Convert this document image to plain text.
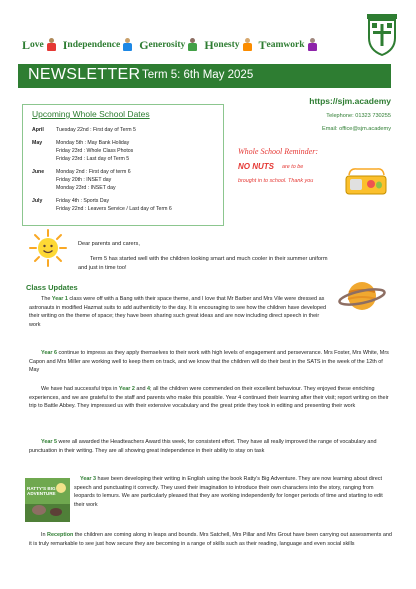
L ove I ndependence G enerosity H onesty T eamwork
NEWSLETTER Term 5: 6th May 2025
Upcoming Whole School Dates
April	Tuesday 22nd : First day of Term 5
May	Monday 5th : May Bank Holiday
Friday 23rd : Whole Class Photos
Friday 23rd : Last day of Term 5
June	Monday 2nd : First day of term 6
Friday 20th : INSET day
Monday 23rd : INSET day
July	Friday 4th : Sports Day
Friday 22nd : Leavers Service / Last day of Term 6
https://sjm.academy
Telephone: 01323 730255
Email: office@sjm.academy
Whole School Reminder:
NO NUTS are to be
brought in to school. Thank you
RATTY'S BIG ADVENTURE
Dear parents and carers,
Term 5 has started well with the children looking smart and much cooler in their summer uniform and just in time too!
Class Updates
The Year 1 class were off with a Bang with their space theme, and I love that Mr Barber and Mrs Vile were dressed as astronauts in modified Hazmat suits to add authenticity to the day. It is encouraging to see how the children have developed their writing on the theme of space; they have been sharing such great ideas and are now including direct speech in their work
Year 6 continue to impress as they apply themselves to their work with high levels of engagement and perseverance. Mrs Foster, Mrs White, Mrs Capon and Mrs Miller are working well to keep them on track, and we know that the children will do their best in the SATS in the week of the 12th of May
We have had successful trips in Year 2 and 4; all the children were commended on their excellent behaviour. They enjoyed these enriching experiences, and we are grateful to the staff and parents who make this possible. Year 4 continued their learning after their visit; report writing on their trip to Battle Abbey. They impressed us with their extensive vocabulary and the great pride they took in editing and presenting their work
Year 5 were all awarded the Headteachers Award this week, for consistent effort. They have all really improved the range of vocabulary and punctuation in their writing. They are all showing great independence in their ability to stay on task
Year 3 have been developing their writing in English using the book Ratty's Big Adventure. They are now learning about direct speech and punctuating it correctly. They used their imagination to introduce their own characters into the story, ranging from leopards to lemurs. We are particularly pleased that they are working independently for longer periods of time and starting to edit their work
In Reception the children are coming along in leaps and bounds. Mrs Satchell, Mrs Pillar and Mrs Grout have been carrying out assessments and it is truly remarkable to see just how secure they are becoming in a range of skills such as their reading, language and even social skills
